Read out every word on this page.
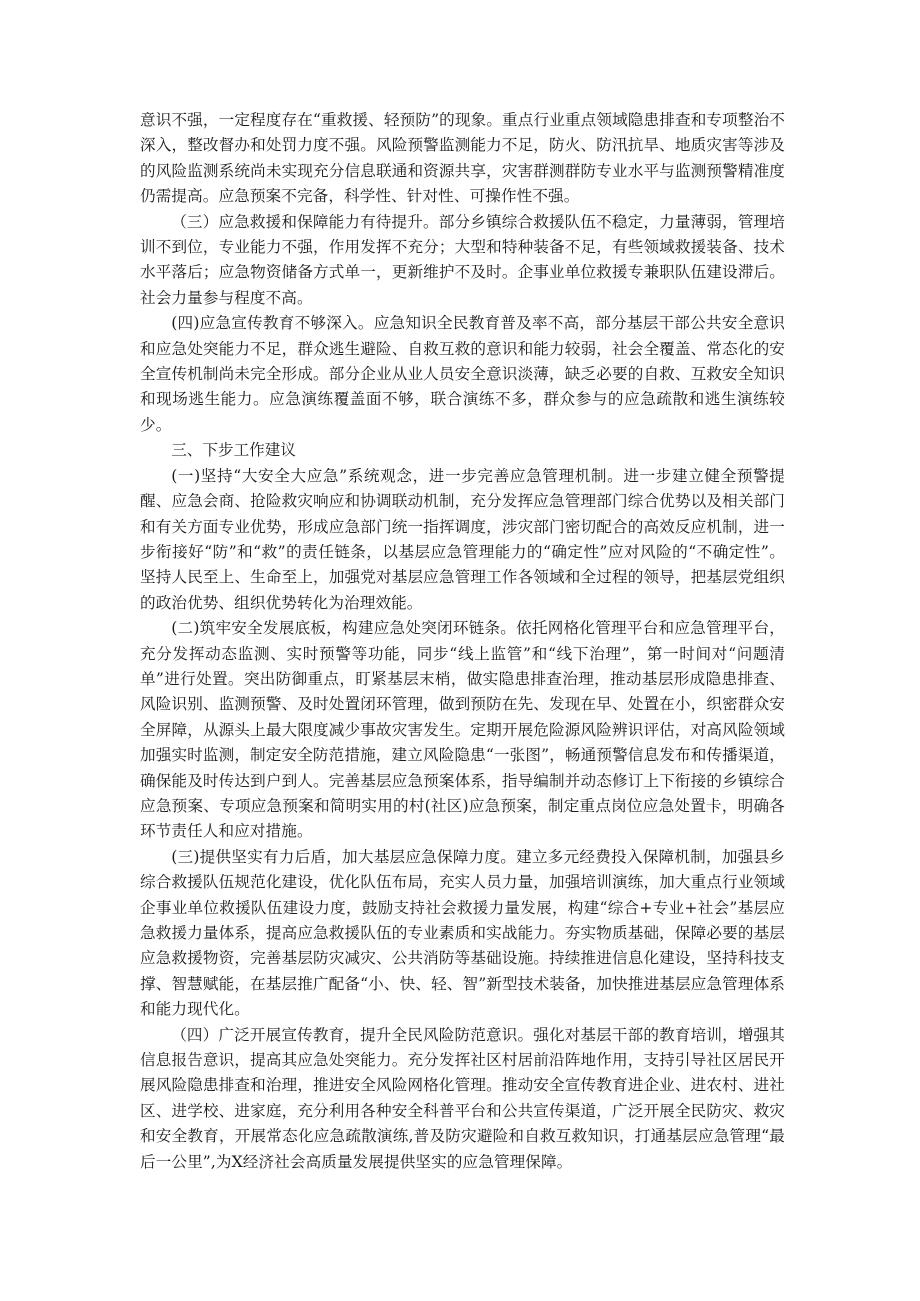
意识不强，一定程度存在“重救援、轻预防”的现象。重点行业重点领域隐患排查和专项整治不深入，整改督办和处罚力度不强。风险预警监测能力不足，防火、防汛抗旱、地质灾害等涉及的风险监测系统尚未实现充分信息联通和资源共享，灾害群测群防专业水平与监测预警精准度仍需提高。应急预案不完备，科学性、针对性、可操作性不强。

（三）应急救援和保障能力有待提升。部分乡镇综合救援队伍不稳定，力量薄弱，管理培训不到位，专业能力不强，作用发挥不充分；大型和特种装备不足，有些领域救援装备、技术水平落后；应急物资储备方式单一，更新维护不及时。企事业单位救援专兼职队伍建设滞后。社会力量参与程度不高。

(四)应急宣传教育不够深入。应急知识全民教育普及率不高，部分基层干部公共安全意识和应急处突能力不足，群众逃生避险、自救互救的意识和能力较弱，社会全覆盖、常态化的安全宣传机制尚未完全形成。部分企业从业人员安全意识淡薄，缺乏必要的自救、互救安全知识和现场逃生能力。应急演练覆盖面不够，联合演练不多，群众参与的应急疏散和逃生演练较少。

三、下步工作建议

(一)坚持“大安全大应急”系统观念，进一步完善应急管理机制。进一步建立健全预警提醒、应急会商、抢险救灾响应和协调联动机制，充分发挥应急管理部门综合优势以及相关部门和有关方面专业优势，形成应急部门统一指挥调度，涉灾部门密切配合的高效反应机制，进一步衔接好“防”和“救”的责任链条，以基层应急管理能力的“确定性”应对风险的“不确定性”。坚持人民至上、生命至上，加强党对基层应急管理工作各领域和全过程的领导，把基层党组织的政治优势、组织优势转化为治理效能。

(二)筑牢安全发展底板，构建应急处突闭环链条。依托网格化管理平台和应急管理平台，充分发挥动态监测、实时预警等功能，同步“线上监管”和“线下治理”，第一时间对“问题清单”进行处置。突出防御重点，盯紧基层末梢，做实隐患排查治理，推动基层形成隐患排查、风险识别、监测预警、及时处置闭环管理，做到预防在先、发现在早、处置在小，织密群众安全屏障，从源头上最大限度减少事故灾害发生。定期开展危险源风险辨识评估，对高风险领域加强实时监测，制定安全防范措施，建立风险隐患“一张图”，畅通预警信息发布和传播渠道，确保能及时传达到户到人。完善基层应急预案体系，指导编制并动态修订上下衔接的乡镇综合应急预案、专项应急预案和简明实用的村(社区)应急预案，制定重点岗位应急处置卡，明确各环节责任人和应对措施。

(三)提供坚实有力后盾，加大基层应急保障力度。建立多元经费投入保障机制，加强县乡综合救援队伍规范化建设，优化队伍布局，充实人员力量，加强培训演练，加大重点行业领域企事业单位救援队伍建设力度，鼓励支持社会救援力量发展，构建“综合+专业+社会”基层应急救援力量体系，提高应急救援队伍的专业素质和实战能力。夯实物质基础，保障必要的基层应急救援物资，完善基层防灾减灾、公共消防等基础设施。持续推进信息化建设，坚持科技支撑、智慧赋能，在基层推广配备“小、快、轻、智”新型技术装备，加快推进基层应急管理体系和能力现代化。

（四）广泛开展宣传教育，提升全民风险防范意识。强化对基层干部的教育培训，增强其信息报告意识，提高其应急处突能力。充分发挥社区村居前沿阵地作用，支持引导社区居民开展风险隐患排查和治理，推进安全风险网格化管理。推动安全宣传教育进企业、进农村、进社区、进学校、进家庭，充分利用各种安全科普平台和公共宣传渠道，广泛开展全民防灾、救灾和安全教育，开展常态化应急疏散演练,普及防灾避险和自救互救知识，打通基层应急管理“最后一公里”,为X经济社会高质量发展提供坚实的应急管理保障。
